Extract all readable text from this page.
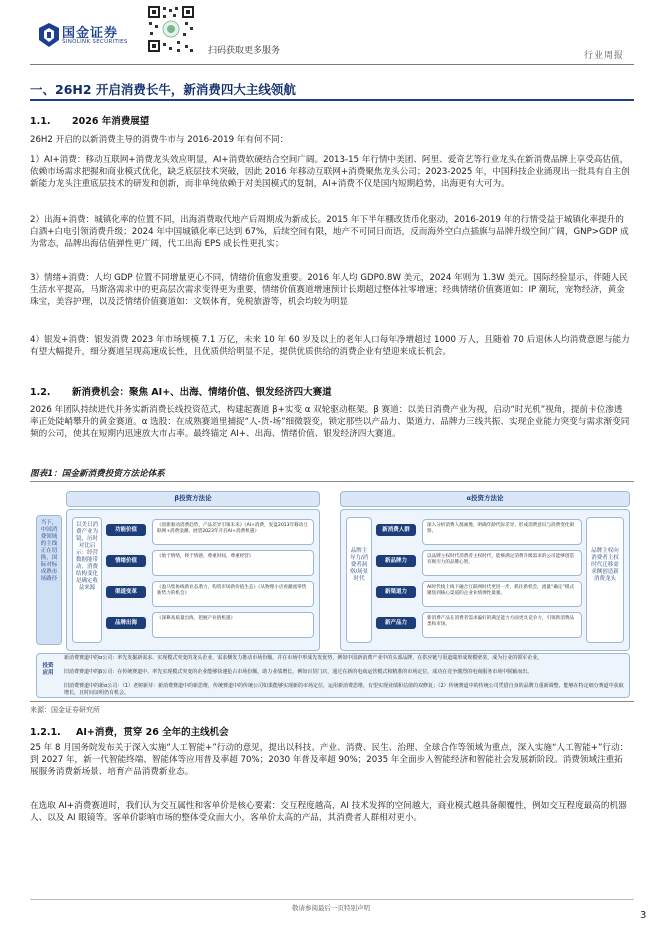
国金证券
SINOLINK SECURITIES
扫码获取更多服务	行业周报
一、26H2 开启消费长牛，新消费四大主线领航
1.1. 2026 年消费展望
26H2 开启的以新消费主导的消费牛市与 2016-2019 年有何不同：
1）AI+消费：移动互联网+消费龙头效应明显，AI+消费软硬结合空间广阔。2013-15 年行情中美团、阿里、爱奇艺等行业龙头在新消费品牌上享受高估值，依赖市场需求把握和商业模式优化，缺乏底层技术突破，因此 2016 年移动互联网+消费聚焦龙头公司；2023-2025 年，中国科技企业涌现出一批具有自主创新能力龙头注重底层技术的研发和创新，而非单纯依赖于对美国模式的复制，AI+消费不仅是国内短期趋势，出海更有大可为。
2）出海+消费：城镇化率的位置不同，出海消费取代地产后周期成为新成长。2015 年下半年棚改货币化驱动，2016-2019 年的行情受益于城镇化率提升的白酒+白电引领消费升级；2024 年中国城镇化率已达到 67%，后续空间有限，地产不可同日而语，反而海外空白点插旗与品牌升级空间广阔，GNP>GDP 成为常态，品牌出海估值弹性更广阔，代工出海 EPS 成长性更扎实；
3）情绪+消费：人均 GDP 位置不同增量更心不同，情绪价值愈发重要。2016 年人均 GDP0.8W 美元，2024 年则为 1.3W 美元。国际经验显示，伴随人民生活水平提高，马斯洛需求中的更高层次需求变得更为重要，情绪价值赛道增速预计长期超过整体社零增速；经典情绪价值赛道如：IP 潮玩，宠物经济，黄金珠宝，美容护理，以及泛情绪价值赛道如：文娱体育，免税旅游等，机会均较为明显
4）银发+消费：银发消费 2023 年市场规模 7.1 万亿，未来 10 年 60 岁及以上的老年人口每年净增超过 1000 万人，且随着 70 后退休人均消费意愿与能力有望大幅提升，细分赛道呈现高速成长性，且优质供给明显不足，提供优质供给的消费企业有望迎来成长机会。
1.2. 新消费机会：聚焦 AI+、出海、情绪价值、银发经济四大赛道
2026 年团队持续进代并务实新消费长线投资范式，构建起赛道 β+实变 α 双轮驱动框架。β 赛道：以美日消费产业为视，启动“时光机”视角，提前卡位渗透率正处陡峭攀升的黄金赛道。α 选股：在成熟赛道里捕捉“人-货-场”细微裂变，锁定那些以产品力、渠道力、品牌力三线共振、实现企业能力突变与需求渐变同频的公司，使其在短期内迅速放大市占率。最终锚定 AI+、出海、情绪价值、银发经济四大赛道。
图表1：国金新消费投资方法论体系
当下，中国消费领域的主线正在切换，国际对标成熟市场路径
β投资方法论
以美日消费产业为镜，历时对比启示：经营数据能带动，消费结构变化是确定收益来源
α投资方法论
品牌主导力/消费者洞察/场景时代
品牌主权向消费者主权时代迁移需求侧创造新消费龙头
投资应用
新消费赛道中的α公司：率先发掘新需求、实现模式突变的龙头企业，需求侧发力推动市场份额，并在市场中形成先发优势，例如中国新消费产业中的头部品牌，在供应链与渠道端形成规模壁垒，成为行业的领军企业。
旧消费赛道中的β公司：在传统赛道中，率先实现模式突变的企业能够快速抢占市场份额，助力业绩增长，例如百货门店，通过在新的电商运营模式和精准的市场定位，成功在竞争激烈的电商服务市场中脱颖而出。
旧消费赛道中的新α公司：（1）老树新芽：新消费赛道中的新思维，传统赛道中的传统公司如果能够实现新的市场定位，运用新消费思维，有望实现业绩和估值的双修复；（2）传统赛道中的传统公司凭借自身的品牌力重新调整，能够在特定细分赛道中获取增长，且时间证明仍有机会。
功能价值
《创新驱动消费趋势，产品差异引领未来》《AI+消费，复盘2013年移动互联网+消费浪潮，展望2023年开启AI+消费机遇》
情绪价值
《始于情绪，终于情感，尊重时间，尊重经营》
渠道变革
《盈马集协线新业态潜力，构筑市场新价值生态》《从物理小店看潮流零售新势力的机会》
品牌出海
《深耕高质量出海，把握产业链机遇》
新消费人群
深入分析消费人群画像，明确年龄代际差异，形成消费意识与消费变化洞察。
新品牌力
以品牌主权时代消费者主权时代，能够满足消费升级需求的公司能够创造有吸引力的品牌心智。
新渠道力
AI时代线上线下融合互联网时代更进一步，抓住新机会，流量“确定”模式聚焦到核心渠道的企业业绩弹性最强。
新产品力
新消费产品在消费者需求偏好的满足能力方面更具竞争力，引领新消费品类和市场。
来源：国金证券研究所
1.2.1. AI+消费，贯穿 26 全年的主线机会
25 年 8 月国务院发布关于深入实施“人工智能+”行动的意见，提出以科技、产业、消费、民生、治理、全球合作等领域为重点，深入实施“人工智能+”行动：到 2027 年，新一代智能终端、智能体等应用普及率超 70%；2030 年普及率超 90%；2035 年全面步入智能经济和智能社会发展新阶段。消费领域注重拓展服务消费新场景、培育产品消费新业态。
在选取 AI+消费赛道时，我们认为交互属性和客单价是核心要素：交互程度越高，AI 技术发挥的空间越大，商业模式越具备颠覆性，例如交互程度最高的机器人、以及 AI 眼镜等。客单价影响市场的整体受众面大小，客单价太高的产品，其消费者人群相对更小。
敬请参阅最后一页特别声明
3
